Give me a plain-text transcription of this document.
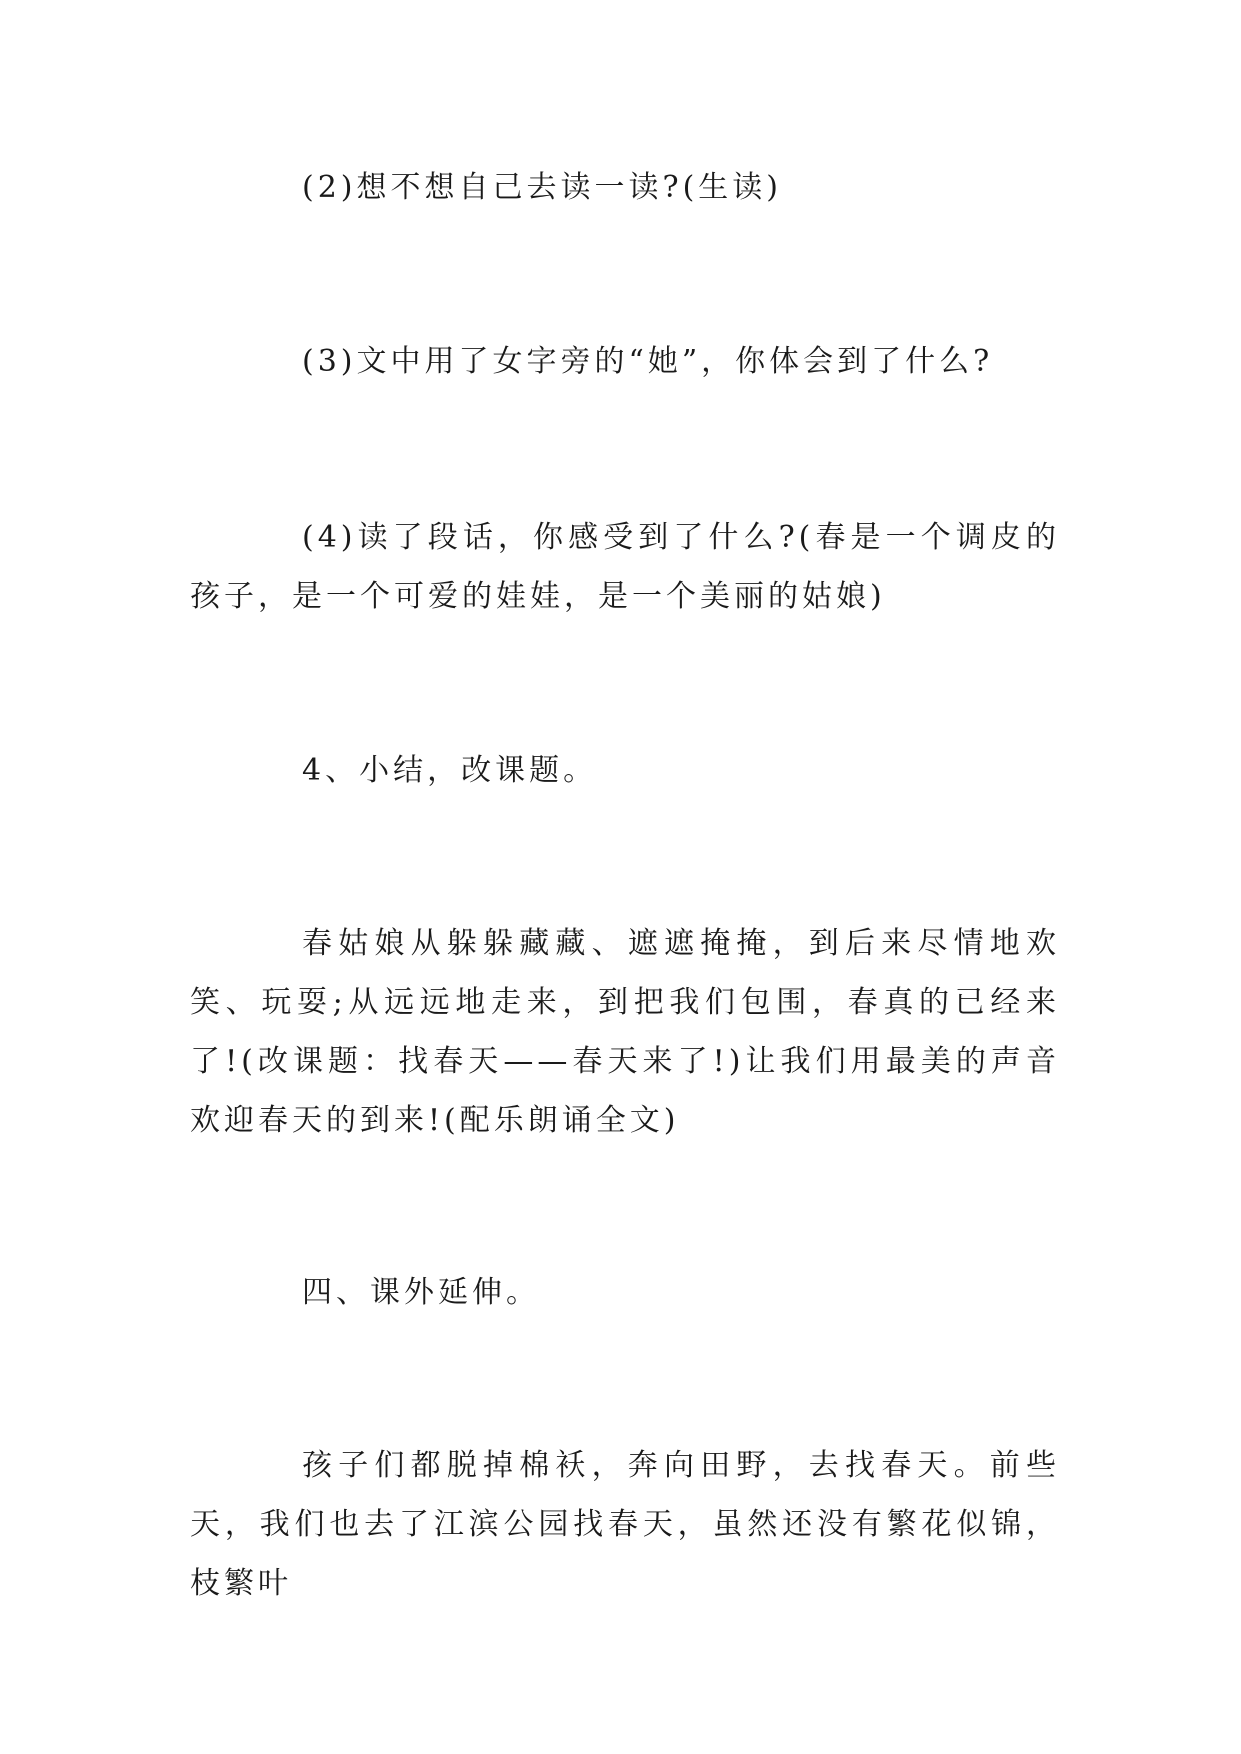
(2)想不想自己去读一读?(生读)

(3)文中用了女字旁的“她”，你体会到了什么?

(4)读了段话，你感受到了什么?(春是一个调皮的孩子，是一个可爱的娃娃，是一个美丽的姑娘)

4、小结，改课题。

春姑娘从躲躲藏藏、遮遮掩掩，到后来尽情地欢笑、玩耍;从远远地走来，到把我们包围，春真的已经来了!(改课题：找春天——春天来了!)让我们用最美的声音欢迎春天的到来!(配乐朗诵全文)

四、课外延伸。

孩子们都脱掉棉袄，奔向田野，去找春天。前些天，我们也去了江滨公园找春天，虽然还没有繁花似锦，枝繁叶
